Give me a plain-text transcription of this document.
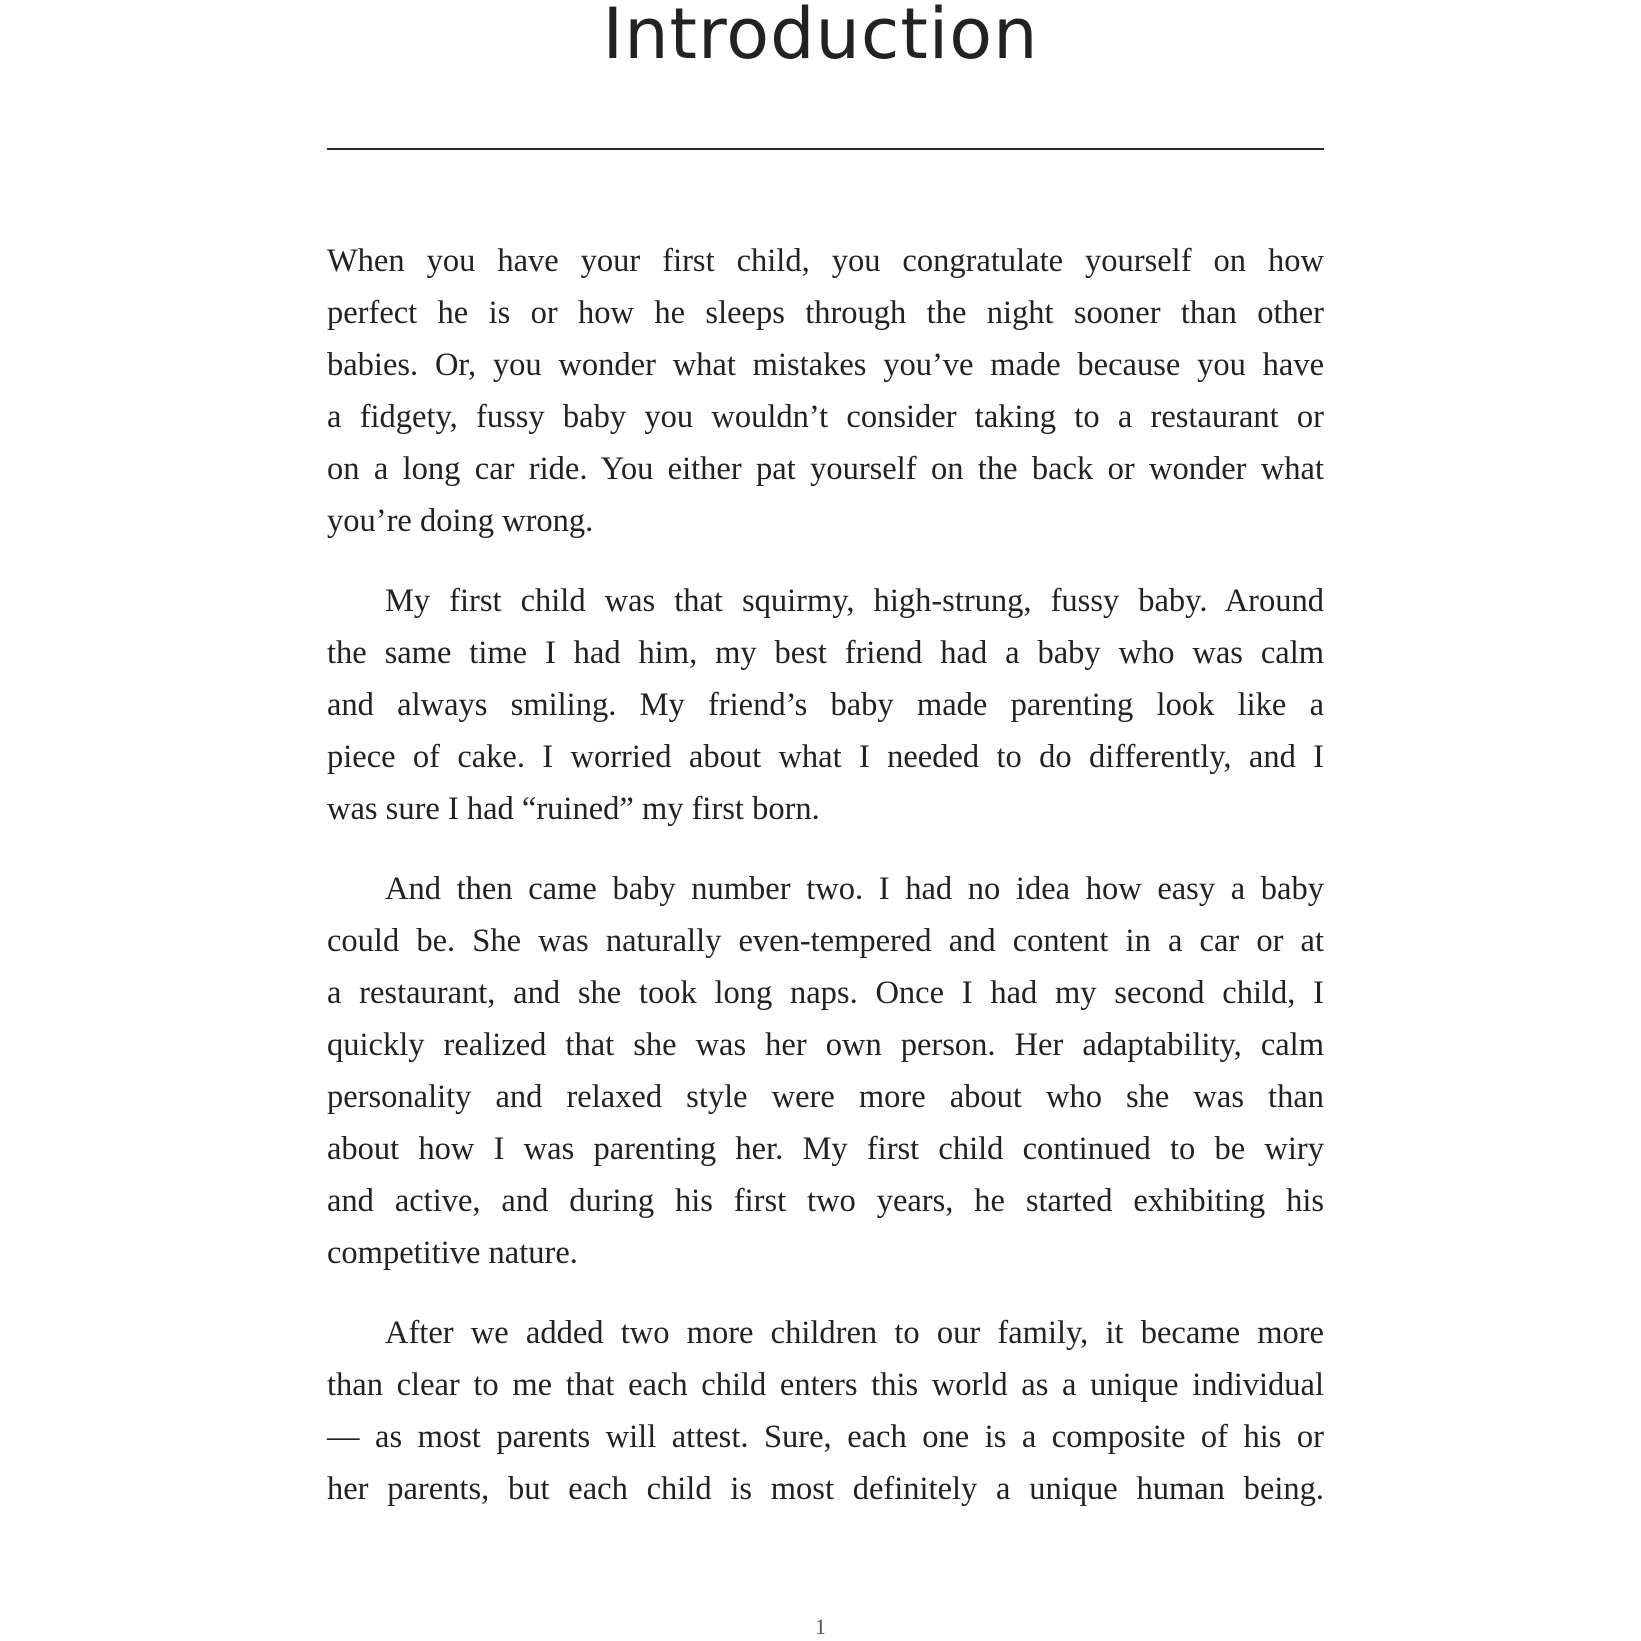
Introduction

When you have your first child, you congratulate yourself on how
perfect he is or how he sleeps through the night sooner than other
babies. Or, you wonder what mistakes you’ve made because you have
a fidgety, fussy baby you wouldn’t consider taking to a restaurant or
on a long car ride. You either pat yourself on the back or wonder what
you’re doing wrong.

My first child was that squirmy, high-strung, fussy baby. Around
the same time I had him, my best friend had a baby who was calm
and always smiling. My friend’s baby made parenting look like a
piece of cake. I worried about what I needed to do differently, and I
was sure I had “ruined” my first born.

And then came baby number two. I had no idea how easy a baby
could be. She was naturally even-tempered and content in a car or at
a restaurant, and she took long naps. Once I had my second child, I
quickly realized that she was her own person. Her adaptability, calm
personality and relaxed style were more about who she was than
about how I was parenting her. My first child continued to be wiry
and active, and during his first two years, he started exhibiting his
competitive nature.

After we added two more children to our family, it became more
than clear to me that each child enters this world as a unique individual
— as most parents will attest. Sure, each one is a composite of his or
her parents, but each child is most definitely a unique human being.

1
